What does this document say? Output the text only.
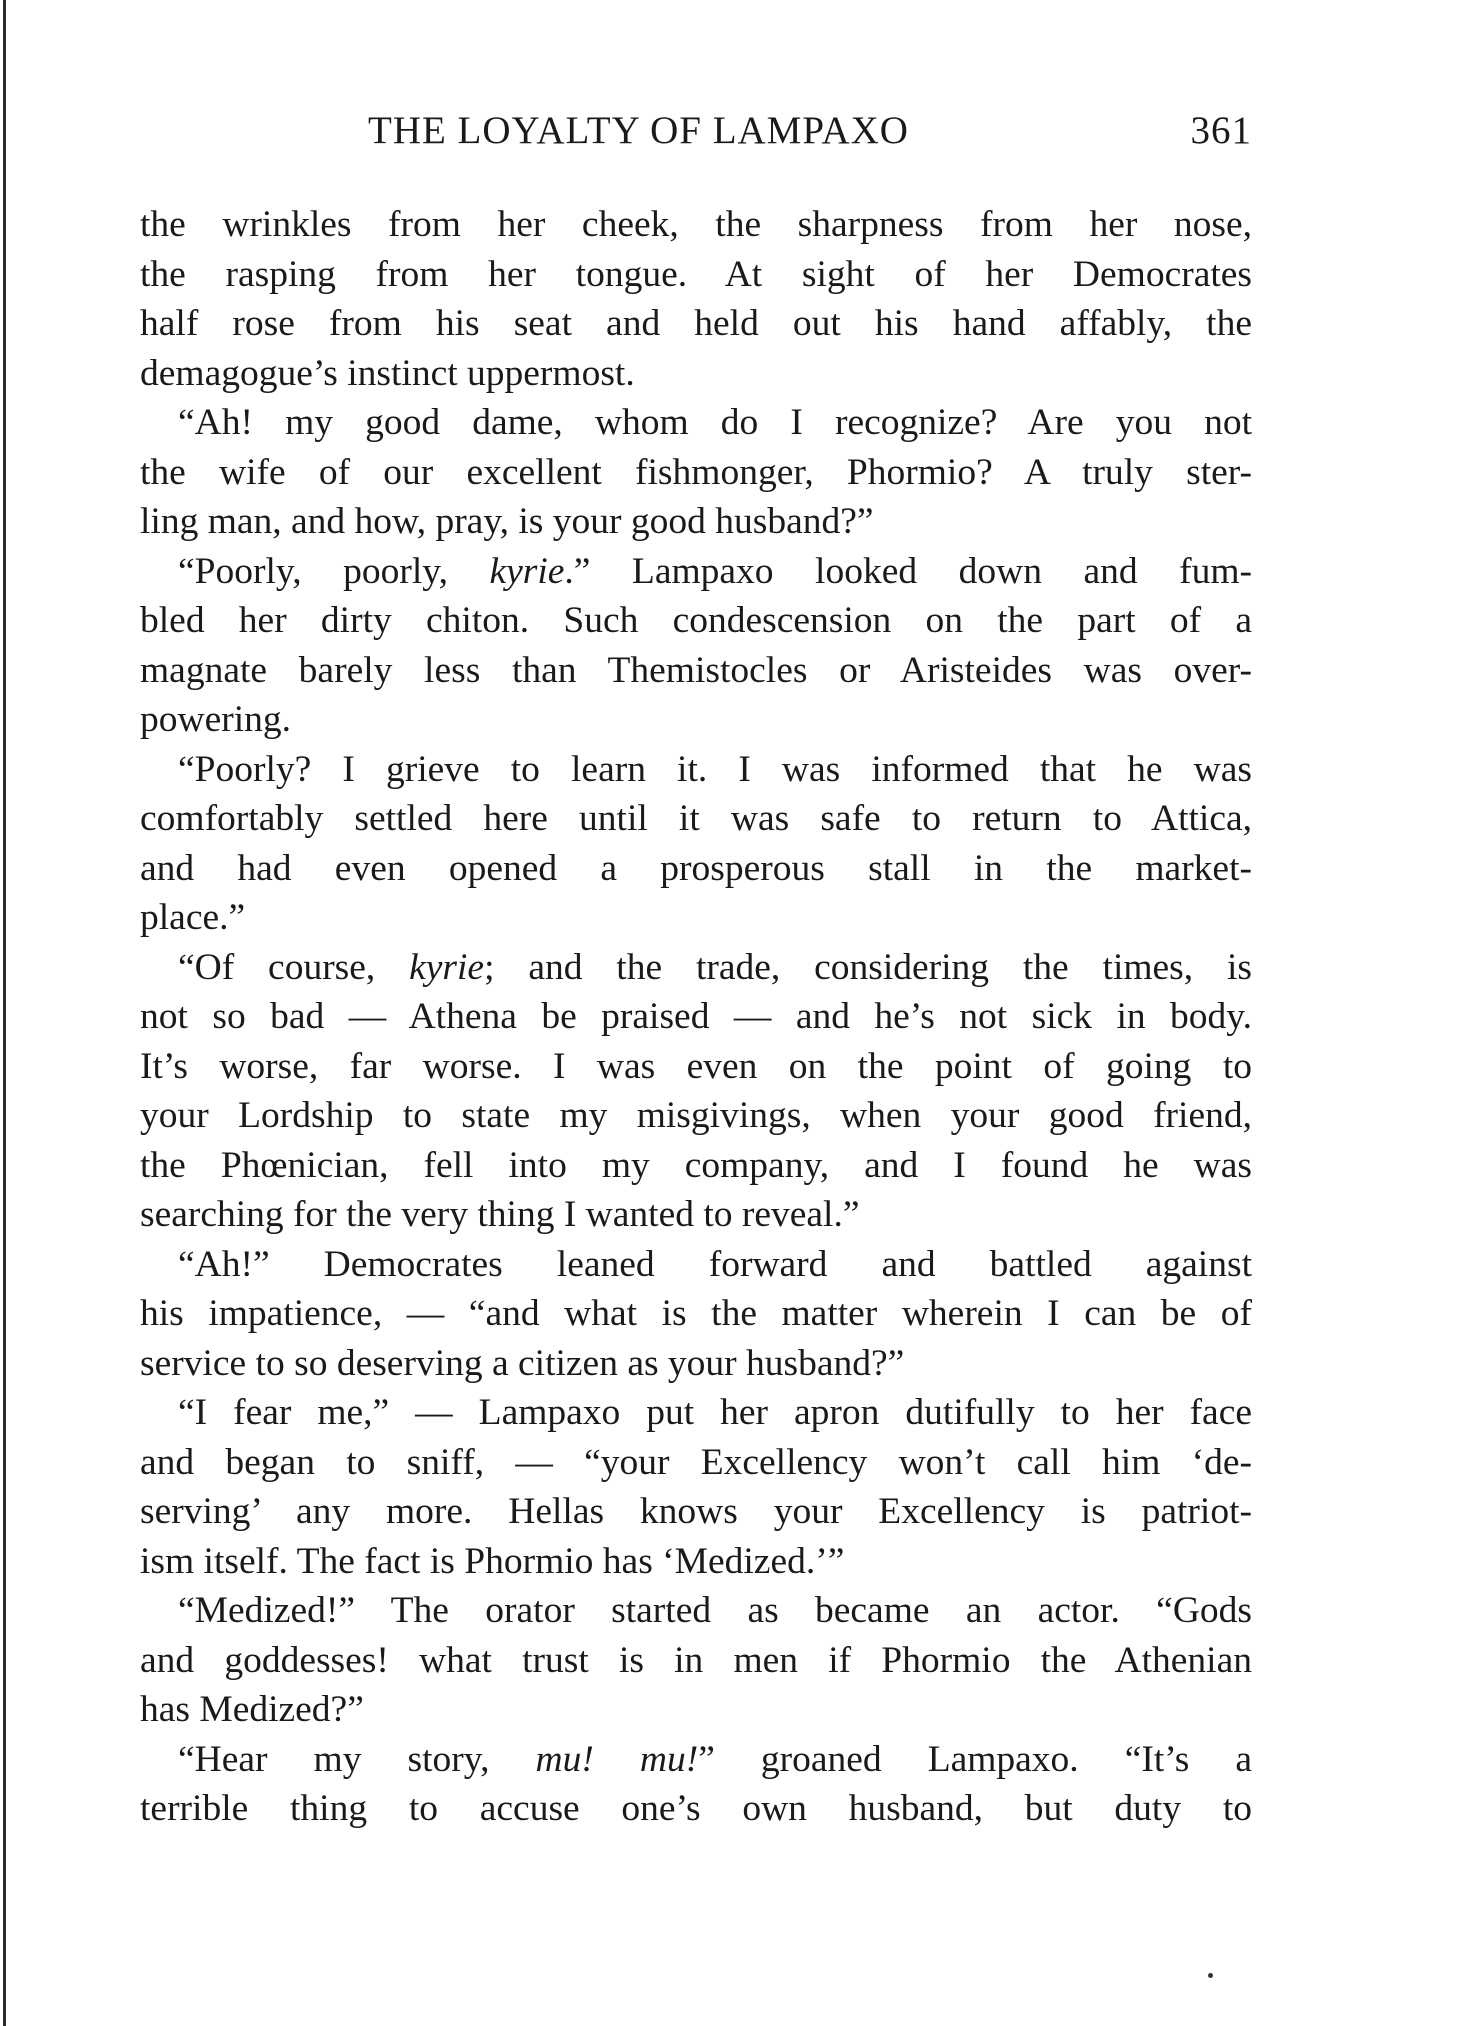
THE LOYALTY OF LAMPAXO	361
the wrinkles from her cheek, the sharpness from her nose,
the rasping from her tongue. At sight of her Democrates
half rose from his seat and held out his hand affably, the
demagogue’s instinct uppermost.
“Ah! my good dame, whom do I recognize? Are you not
the wife of our excellent fishmonger, Phormio? A truly ster-
ling man, and how, pray, is your good husband?”
“Poorly, poorly, kyrie.” Lampaxo looked down and fum-
bled her dirty chiton. Such condescension on the part of a
magnate barely less than Themistocles or Aristeides was over-
powering.
“Poorly? I grieve to learn it. I was informed that he was
comfortably settled here until it was safe to return to Attica,
and had even opened a prosperous stall in the market-
place.”
“Of course, kyrie; and the trade, considering the times, is
not so bad — Athena be praised — and he’s not sick in body.
It’s worse, far worse. I was even on the point of going to
your Lordship to state my misgivings, when your good friend,
the Phœnician, fell into my company, and I found he was
searching for the very thing I wanted to reveal.”
“Ah!” Democrates leaned forward and battled against
his impatience, — “and what is the matter wherein I can be of
service to so deserving a citizen as your husband?”
“I fear me,” — Lampaxo put her apron dutifully to her face
and began to sniff, — “your Excellency won’t call him ‘de-
serving’ any more. Hellas knows your Excellency is patriot-
ism itself. The fact is Phormio has ‘Medized.’”
“Medized!” The orator started as became an actor. “Gods
and goddesses! what trust is in men if Phormio the Athenian
has Medized?”
“Hear my story, mu! mu!” groaned Lampaxo. “It’s a
terrible thing to accuse one’s own husband, but duty to
